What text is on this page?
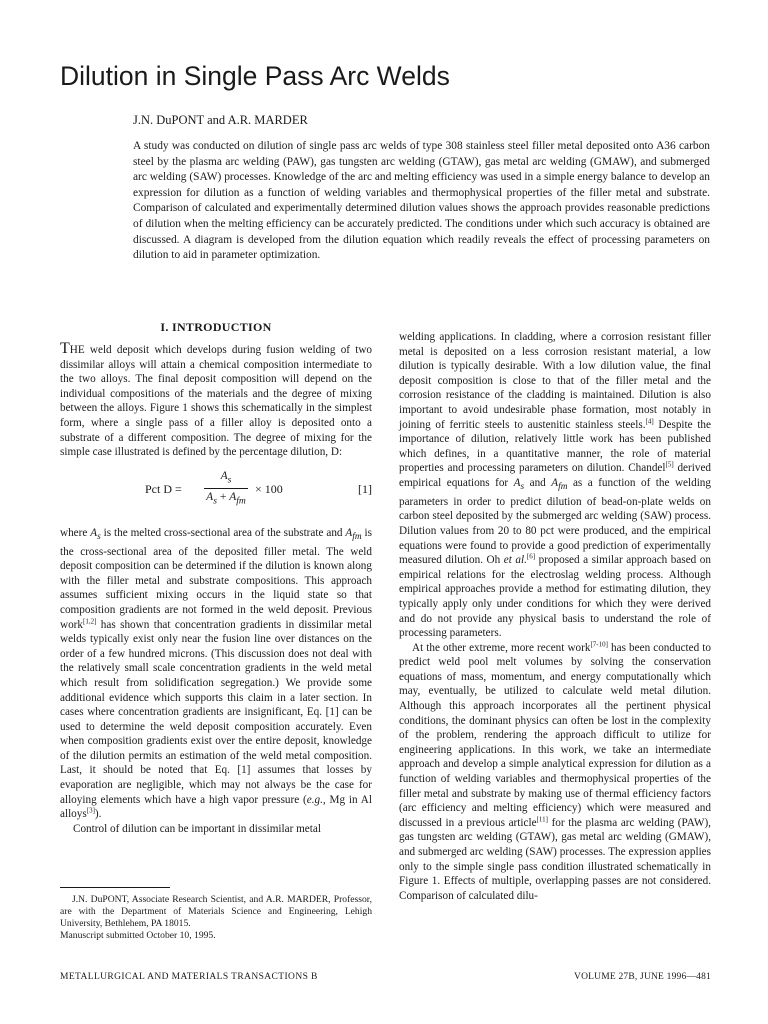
Dilution in Single Pass Arc Welds

J.N. DuPONT and A.R. MARDER

A study was conducted on dilution of single pass arc welds of type 308 stainless steel filler metal deposited onto A36 carbon steel by the plasma arc welding (PAW), gas tungsten arc welding (GTAW), gas metal arc welding (GMAW), and submerged arc welding (SAW) processes. Knowledge of the arc and melting efficiency was used in a simple energy balance to develop an expression for dilution as a function of welding variables and thermophysical properties of the filler metal and substrate. Comparison of calculated and experimentally determined dilution values shows the approach provides reasonable predictions of dilution when the melting efficiency can be accurately predicted. The conditions under which such accuracy is obtained are discussed. A diagram is developed from the dilution equation which readily reveals the effect of processing parameters on dilution to aid in parameter optimization.

I. INTRODUCTION

THE weld deposit which develops during fusion welding of two dissimilar alloys will attain a chemical composition intermediate to the two alloys. The final deposit composition will depend on the individual compositions of the materials and the degree of mixing between the alloys. Figure 1 shows this schematically in the simplest form, where a single pass of a filler alloy is deposited onto a substrate of a different composition. The degree of mixing for the simple case illustrated is defined by the percentage dilution, D:

Pct D =
$A_s$
$A_s + A_{fm}$
× 100	[1]

where $A_s$ is the melted cross-sectional area of the substrate and $A_{fm}$ is the cross-sectional area of the deposited filler metal. The weld deposit composition can be determined if the dilution is known along with the filler metal and substrate compositions. This approach assumes sufficient mixing occurs in the liquid state so that composition gradients are not formed in the weld deposit. Previous work[1,2] has shown that concentration gradients in dissimilar metal welds typically exist only near the fusion line over distances on the order of a few hundred microns. (This discussion does not deal with the relatively small scale concentration gradients in the weld metal which result from solidification segregation.) We provide some additional evidence which supports this claim in a later section. In cases where concentration gradients are insignificant, Eq. [1] can be used to determine the weld deposit composition accurately. Even when composition gradients exist over the entire deposit, knowledge of the dilution permits an estimation of the weld metal composition. Last, it should be noted that Eq. [1] assumes that losses by evaporation are negligible, which may not always be the case for alloying elements which have a high vapor pressure (e.g., Mg in Al alloys[3]).

Control of dilution can be important in dissimilar metal

welding applications. In cladding, where a corrosion resistant filler metal is deposited on a less corrosion resistant material, a low dilution is typically desirable. With a low dilution value, the final deposit composition is close to that of the filler metal and the corrosion resistance of the cladding is maintained. Dilution is also important to avoid undesirable phase formation, most notably in joining of ferritic steels to austenitic stainless steels.[4] Despite the importance of dilution, relatively little work has been published which defines, in a quantitative manner, the role of material properties and processing parameters on dilution. Chandel[5] derived empirical equations for $A_s$ and $A_{fm}$ as a function of the welding parameters in order to predict dilution of bead-on-plate welds on carbon steel deposited by the submerged arc welding (SAW) process. Dilution values from 20 to 80 pct were produced, and the empirical equations were found to provide a good prediction of experimentally measured dilution. Oh et al.[6] proposed a similar approach based on empirical relations for the electroslag welding process. Although empirical approaches provide a method for estimating dilution, they typically apply only under conditions for which they were derived and do not provide any physical basis to understand the role of processing parameters.

At the other extreme, more recent work[7-10] has been conducted to predict weld pool melt volumes by solving the conservation equations of mass, momentum, and energy computationally which may, eventually, be utilized to calculate weld metal dilution. Although this approach incorporates all the pertinent physical conditions, the dominant physics can often be lost in the complexity of the problem, rendering the approach difficult to utilize for engineering applications. In this work, we take an intermediate approach and develop a simple analytical expression for dilution as a function of welding variables and thermophysical properties of the filler metal and substrate by making use of thermal efficiency factors (arc efficiency and melting efficiency) which were measured and discussed in a previous article[11] for the plasma arc welding (PAW), gas tungsten arc welding (GTAW), gas metal arc welding (GMAW), and submerged arc welding (SAW) processes. The expression applies only to the simple single pass condition illustrated schematically in Figure 1. Effects of multiple, overlapping passes are not considered. Comparison of calculated dilu-

J.N. DuPONT, Associate Research Scientist, and A.R. MARDER, Professor, are with the Department of Materials Science and Engineering, Lehigh University, Bethlehem, PA 18015.
Manuscript submitted October 10, 1995.

METALLURGICAL AND MATERIALS TRANSACTIONS B	VOLUME 27B, JUNE 1996—481
